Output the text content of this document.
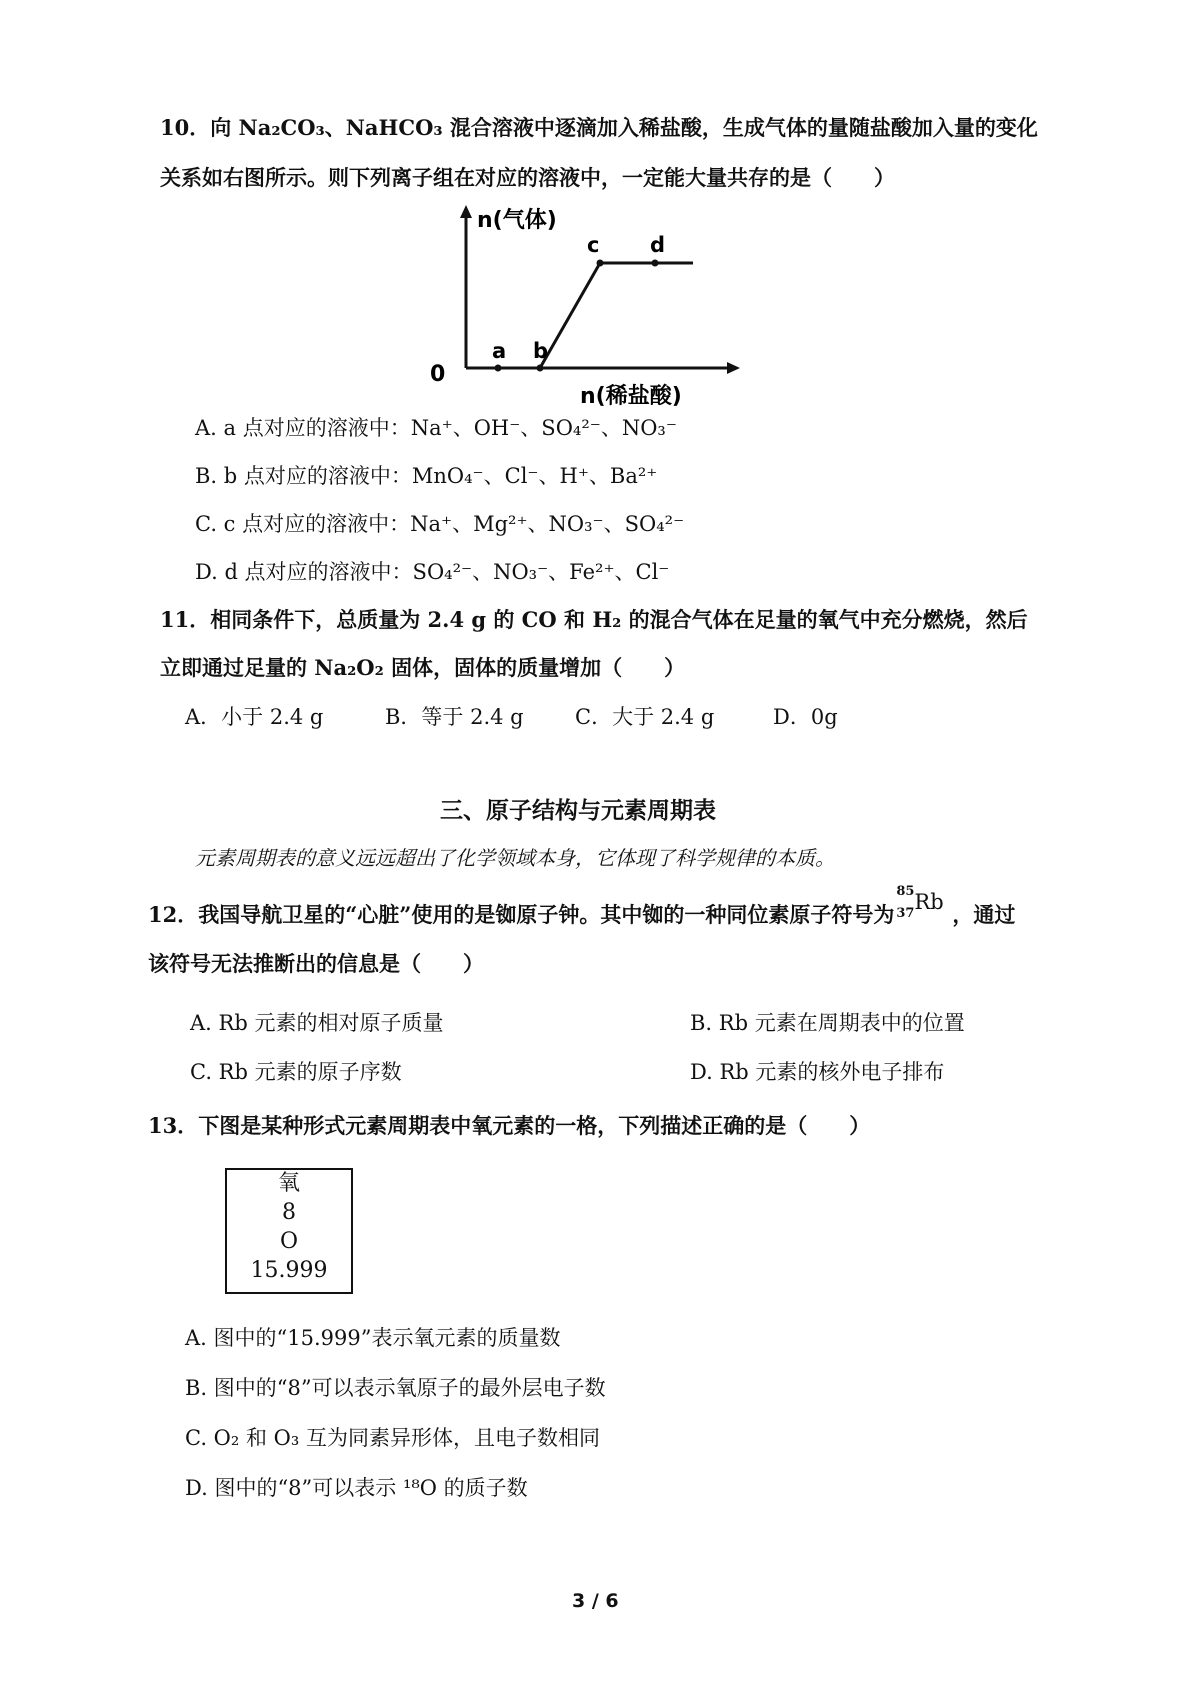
10．向 Na₂CO₃、NaHCO₃ 混合溶液中逐滴加入稀盐酸，生成气体的量随盐酸加入量的变化
关系如右图所示。则下列离子组在对应的溶液中，一定能大量共存的是（　　）
a b
c d
n(气体)
n(稀盐酸)
0
A. a 点对应的溶液中：Na⁺、OH⁻、SO₄²⁻、NO₃⁻
B. b 点对应的溶液中：MnO₄⁻、Cl⁻、H⁺、Ba²⁺
C. c 点对应的溶液中：Na⁺、Mg²⁺、NO₃⁻、SO₄²⁻
D. d 点对应的溶液中：SO₄²⁻、NO₃⁻、Fe²⁺、Cl⁻
11．相同条件下，总质量为 2.4 g 的 CO 和 H₂ 的混合气体在足量的氧气中充分燃烧，然后
立即通过足量的 Na₂O₂ 固体，固体的质量增加（　　）
A．小于 2.4 g	B．等于 2.4 g C．大于 2.4 g	D．0g
三、原子结构与元素周期表
元素周期表的意义远远超出了化学领域本身，它体现了科学规律的本质。
12．我国导航卫星的“心脏”使用的是铷原子钟。其中铷的一种同位素原子符号为
85
37 Rb ，通过
该符号无法推断出的信息是（　　）
A. Rb 元素的相对原子质量	B. Rb 元素在周期表中的位置
C. Rb 元素的原子序数	D. Rb 元素的核外电子排布
13．下图是某种形式元素周期表中氧元素的一格，下列描述正确的是（　　）
氧
8
O
15.999
A. 图中的“15.999”表示氧元素的质量数
B. 图中的“8”可以表示氧原子的最外层电子数
C. O₂ 和 O₃ 互为同素异形体，且电子数相同
D. 图中的“8”可以表示 ¹⁸O 的质子数
3 / 6
